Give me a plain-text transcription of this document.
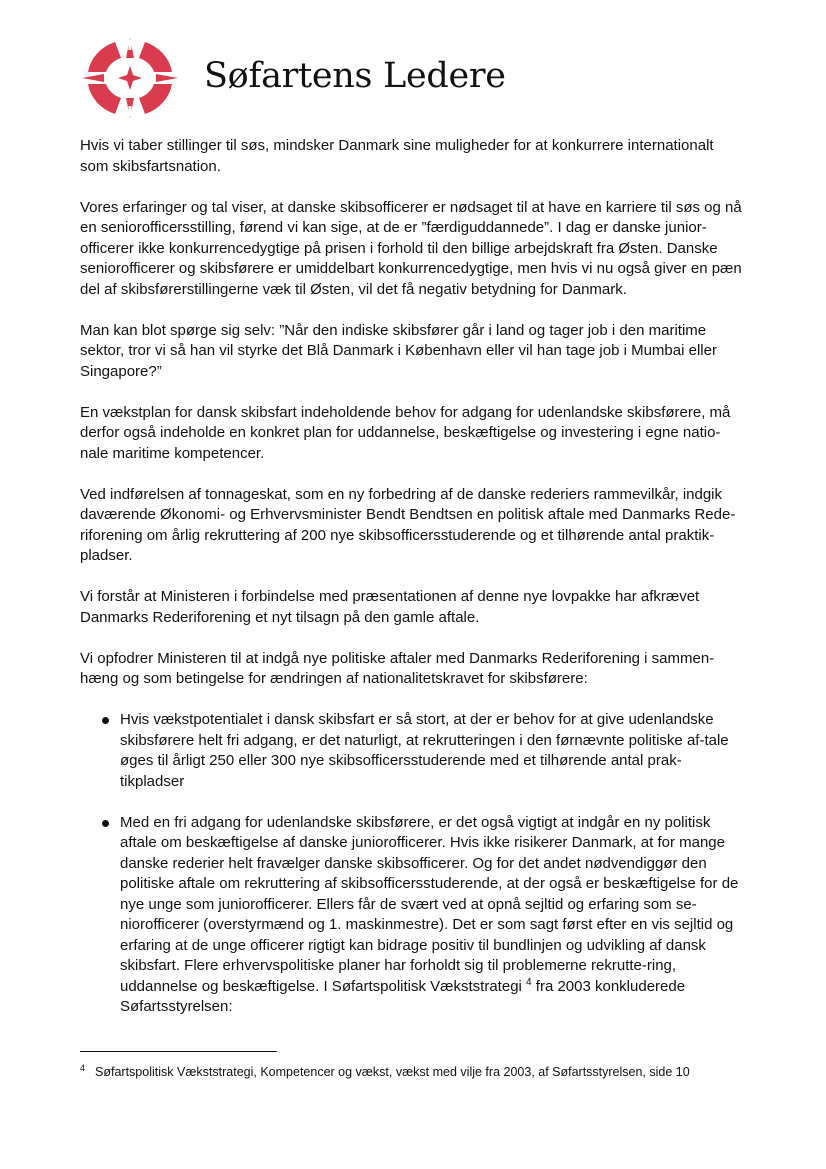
Søfartens Ledere

Hvis vi taber stillinger til søs, mindsker Danmark sine muligheder for at konkurrere internationalt som skibsfartsnation.

Vores erfaringer og tal viser, at danske skibsofficerer er nødsaget til at have en karriere til søs og nå en seniorofficersstilling, førend vi kan sige, at de er ”færdiguddannede”. I dag er danske junior-officerer ikke konkurrencedygtige på prisen i forhold til den billige arbejdskraft fra Østen. Danske seniorofficerer og skibsførere er umiddelbart konkurrencedygtige, men hvis vi nu også giver en pæn del af skibsførerstillingerne væk til Østen, vil det få negativ betydning for Danmark.

Man kan blot spørge sig selv: ”Når den indiske skibsfører går i land og tager job i den maritime sektor, tror vi så han vil styrke det Blå Danmark i København eller vil han tage job i Mumbai eller Singapore?”

En vækstplan for dansk skibsfart indeholdende behov for adgang for udenlandske skibsførere, må derfor også indeholde en konkret plan for uddannelse, beskæftigelse og investering i egne natio-nale maritime kompetencer.

Ved indførelsen af tonnageskat, som en ny forbedring af de danske rederiers rammevilkår, indgik daværende Økonomi- og Erhvervsminister Bendt Bendtsen en politisk aftale med Danmarks Rede-riforening om årlig rekruttering af 200 nye skibsofficersstuderende og et tilhørende antal praktik-pladser.

Vi forstår at Ministeren i forbindelse med præsentationen af denne nye lovpakke har afkrævet Danmarks Rederiforening et nyt tilsagn på den gamle aftale.

Vi opfodrer Ministeren til at indgå nye politiske aftaler med Danmarks Rederiforening i sammen-hæng og som betingelse for ændringen af nationalitetskravet for skibsførere:

Hvis vækstpotentialet i dansk skibsfart er så stort, at der er behov for at give udenlandske skibsførere helt fri adgang, er det naturligt, at rekrutteringen i den førnævnte politiske af-tale øges til årligt 250 eller 300 nye skibsofficersstuderende med et tilhørende antal prak-tikpladser
Med en fri adgang for udenlandske skibsførere, er det også vigtigt at indgår en ny politisk aftale om beskæftigelse af danske juniorofficerer. Hvis ikke risikerer Danmark, at for mange danske rederier helt fravælger danske skibsofficerer. Og for det andet nødvendiggør den politiske aftale om rekruttering af skibsofficersstuderende, at der også er beskæftigelse for de nye unge som juniorofficerer. Ellers får de svært ved at opnå sejltid og erfaring som se-niorofficerer (overstyrmænd og 1. maskinmestre). Det er som sagt først efter en vis sejltid og erfaring at de unge officerer rigtigt kan bidrage positiv til bundlinjen og udvikling af dansk skibsfart. Flere erhvervspolitiske planer har forholdt sig til problemerne rekrutte-ring, uddannelse og beskæftigelse. I Søfartspolitisk Vækststrategi $^4$ fra 2003 konkluderede Søfartsstyrelsen:
$^4$ Søfartspolitisk Vækststrategi, Kompetencer og vækst, vækst med vilje fra 2003, af Søfartsstyrelsen, side 10
